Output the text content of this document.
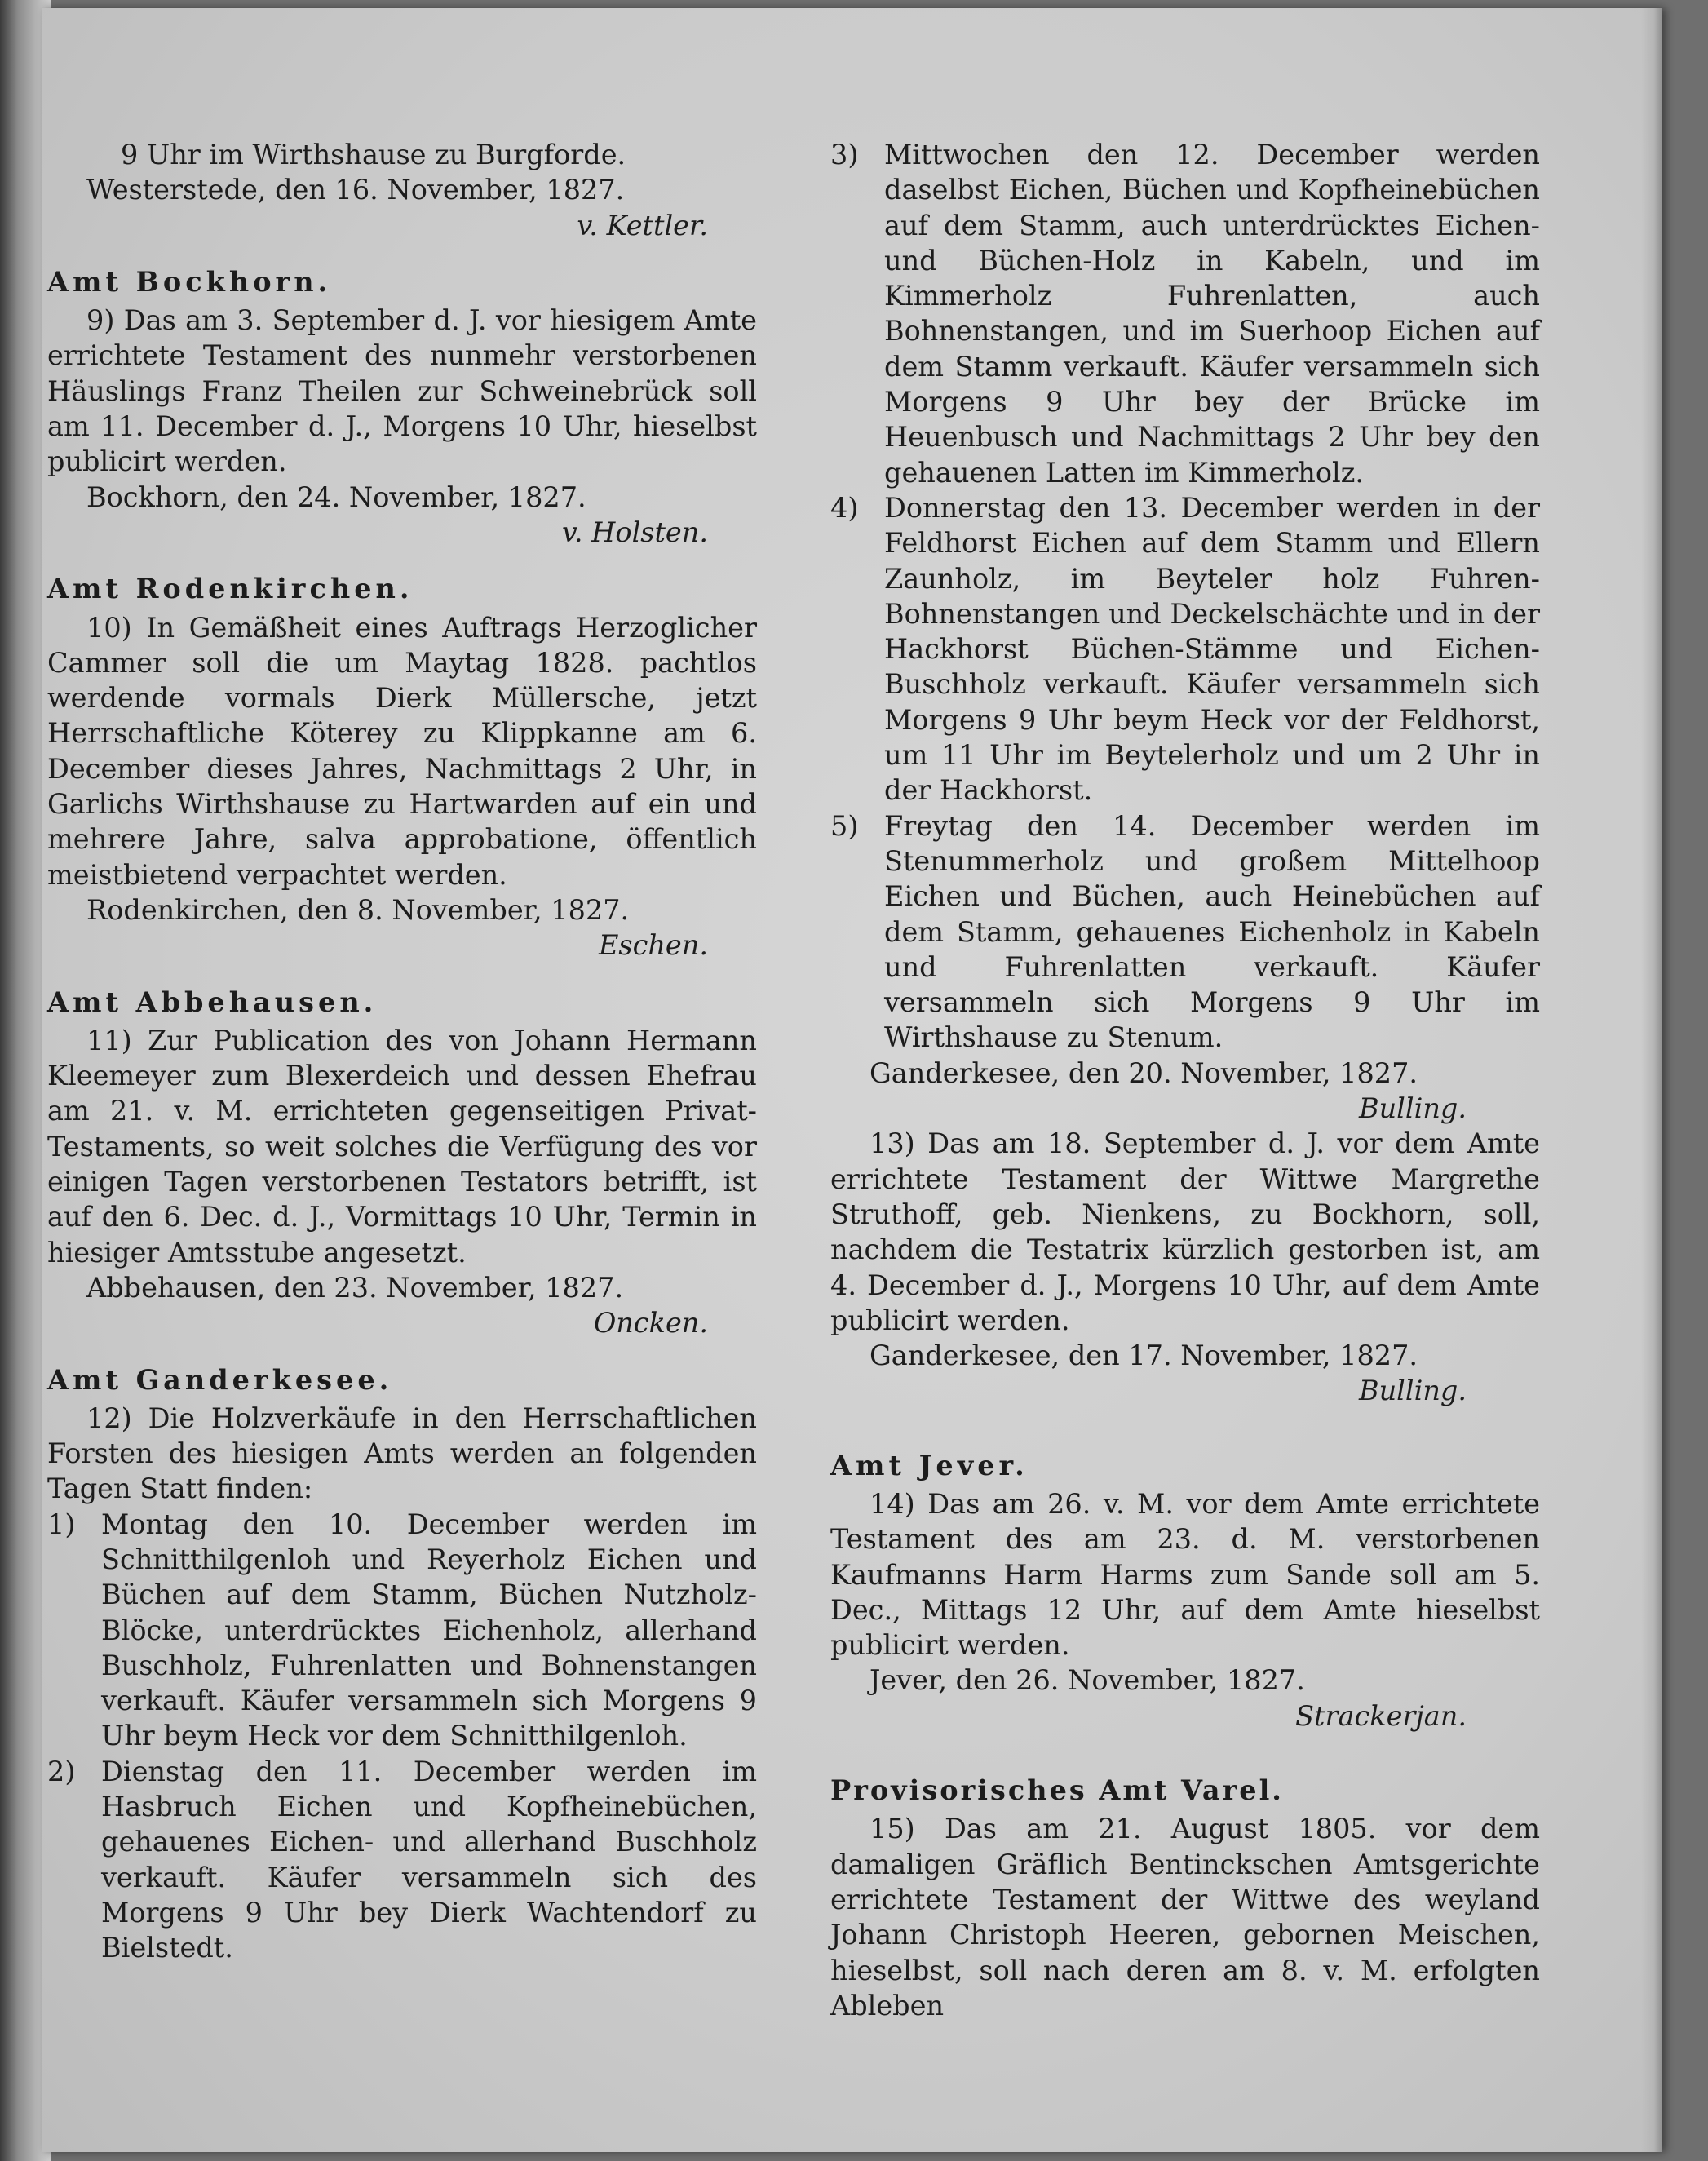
9 Uhr im Wirthshause zu Burgforde.
Westerstede, den 16. November, 1827.
v. Kettler.
Amt Bockhorn.
9) Das am 3. September d. J. vor hiesigem Amte errichtete Testament des nunmehr verstorbenen Häuslings Franz Theilen zur Schweinebrück soll am 11. December d. J., Morgens 10 Uhr, hieselbst publicirt werden.
Bockhorn, den 24. November, 1827.
v. Holsten.
Amt Rodenkirchen.
10) In Gemäßheit eines Auftrags Herzoglicher Cammer soll die um Maytag 1828. pachtlos werdende vormals Dierk Müllersche, jetzt Herrschaftliche Köterey zu Klippkanne am 6. December dieses Jahres, Nachmittags 2 Uhr, in Garlichs Wirthshause zu Hartwarden auf ein und mehrere Jahre, salva approbatione, öffentlich meistbietend verpachtet werden.
Rodenkirchen, den 8. November, 1827.
Eschen.
Amt Abbehausen.
11) Zur Publication des von Johann Hermann Kleemeyer zum Blexerdeich und dessen Ehefrau am 21. v. M. errichteten gegenseitigen Privat-Testaments, so weit solches die Verfügung des vor einigen Tagen verstorbenen Testators betrifft, ist auf den 6. Dec. d. J., Vormittags 10 Uhr, Termin in hiesiger Amtsstube angesetzt.
Abbehausen, den 23. November, 1827.
Oncken.
Amt Ganderkesee.
12) Die Holzverkäufe in den Herrschaftlichen Forsten des hiesigen Amts werden an folgenden Tagen Statt finden:
1) Montag den 10. December werden im Schnitthilgenloh und Reyerholz Eichen und Büchen auf dem Stamm, Büchen Nutzholz-Blöcke, unterdrücktes Eichenholz, allerhand Buschholz, Fuhrenlatten und Bohnenstangen verkauft. Käufer versammeln sich Morgens 9 Uhr beym Heck vor dem Schnitthilgenloh.
2) Dienstag den 11. December werden im Hasbruch Eichen und Kopfheinebüchen, gehauenes Eichen- und allerhand Buschholz verkauft. Käufer versammeln sich des Morgens 9 Uhr bey Dierk Wachtendorf zu Bielstedt.
3) Mittwochen den 12. December werden daselbst Eichen, Büchen und Kopfheinebüchen auf dem Stamm, auch unterdrücktes Eichen- und Büchen-Holz in Kabeln, und im Kimmerholz Fuhrenlatten, auch Bohnenstangen, und im Suerhoop Eichen auf dem Stamm verkauft. Käufer versammeln sich Morgens 9 Uhr bey der Brücke im Heuenbusch und Nachmittags 2 Uhr bey den gehauenen Latten im Kimmerholz.
4) Donnerstag den 13. December werden in der Feldhorst Eichen auf dem Stamm und Ellern Zaunholz, im Beyteler holz Fuhren-Bohnenstangen und Deckelschächte und in der Hackhorst Büchen-Stämme und Eichen-Buschholz verkauft. Käufer versammeln sich Morgens 9 Uhr beym Heck vor der Feldhorst, um 11 Uhr im Beytelerholz und um 2 Uhr in der Hackhorst.
5) Freytag den 14. December werden im Stenummerholz und großem Mittelhoop Eichen und Büchen, auch Heinebüchen auf dem Stamm, gehauenes Eichenholz in Kabeln und Fuhrenlatten verkauft. Käufer versammeln sich Morgens 9 Uhr im Wirthshause zu Stenum.
Ganderkesee, den 20. November, 1827.
Bulling.
13) Das am 18. September d. J. vor dem Amte errichtete Testament der Wittwe Margrethe Struthoff, geb. Nienkens, zu Bockhorn, soll, nachdem die Testatrix kürzlich gestorben ist, am 4. December d. J., Morgens 10 Uhr, auf dem Amte publicirt werden.
Ganderkesee, den 17. November, 1827.
Bulling.
Amt Jever.
14) Das am 26. v. M. vor dem Amte errichtete Testament des am 23. d. M. verstorbenen Kaufmanns Harm Harms zum Sande soll am 5. Dec., Mittags 12 Uhr, auf dem Amte hieselbst publicirt werden.
Jever, den 26. November, 1827.
Strackerjan.
Provisorisches Amt Varel.
15) Das am 21. August 1805. vor dem damaligen Gräflich Bentinckschen Amtsgerichte errichtete Testament der Wittwe des weyland Johann Christoph Heeren, gebornen Meischen, hieselbst, soll nach deren am 8. v. M. erfolgten Ableben
